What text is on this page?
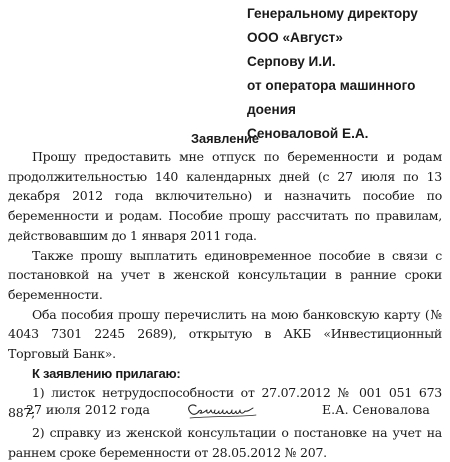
Генеральному директору
ООО «Август»
Серпову И.И.
от оператора машинного
доения
Сеноваловой Е.А.
Заявление

Прошу предоставить мне отпуск по беременности и родам продолжительностью 140 календарных дней (с 27 июля по 13 декабря 2012 года включительно) и назначить пособие по беременности и родам. Пособие прошу рассчитать по правилам, действовавшим до 1 января 2011 года.

Также прошу выплатить единовременное пособие в связи с постановкой на учет в женской консультации в ранние сроки беременности.

Оба пособия прошу перечислить на мою банковскую карту (№ 4043 7301 2245 2689), открытую в АКБ «Инвестиционный Торговый Банк».

К заявлению прилагаю:

1) листок нетрудоспособности от 27.07.2012 № 001 051 673 887;

2) справку из женской консультации о постановке на учет на раннем сроке беременности от 28.05.2012 № 207.

27 июля 2012 года	Е.А. Сеновалова
